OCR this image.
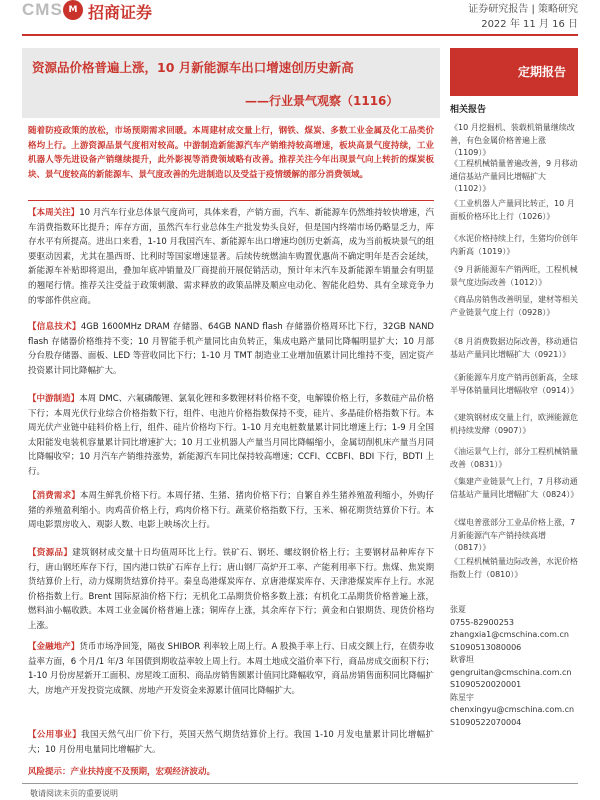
CMS M 招商证券	证券研究报告 | 策略研究
2022 年 11 月 16 日
资源品价格普遍上涨，10 月新能源车出口增速创历史新高
——行业景气观察（1116）
定期报告
随着防疫政策的放松，市场预期需求回暖。本周建材成交量上行，钢铁、煤炭、多数工业金属及化工品类价格均上行。上游资源品景气度相对较高。中游制造新能源汽车产销维持较高增速，板块高景气度持续，工业机器人等先进设备产销继续提升，此外影视等消费领域略有改善。推荐关注今年出现景气向上转折的煤炭板块、景气度较高的新能源车、景气度改善的先进制造以及受益于疫情缓解的部分消费领域。
【本周关注】10 月汽车行业总体景气度尚可，具体来看，产销方面，汽车、新能源车仍然维持较快增速，汽车消费指数环比提升；库存方面，虽然汽车行业总体生产批发势头良好，但是国内终端市场仍略显乏力，库存水平有所提高。进出口来看，1-10 月我国汽车、新能源车出口增速均创历史新高，成为当前板块景气的组要驱动因素，尤其在墨西哥、比利时等国家增速显著。后续传统燃油车购置优惠尚不确定明年是否会延续，新能源车补贴即将退出，叠加年底冲销量及厂商提前开展促销活动，预计年末汽车及新能源车销量会有明显的翘尾行情。推荐关注受益于政策刺激、需求释放的政策品牌及顺应电动化、智能化趋势、具有全球竞争力的零部件供应商。
【信息技术】4GB 1600MHz DRAM 存储器、64GB NAND flash 存储器价格周环比下行，32GB NAND flash 存储器价格维持不变；10 月智能手机产量同比由负转正，集成电路产量同比降幅明显扩大；10 月部分台股存储器、面板、LED 等营收同比下行；1-10 月 TMT 制造业工业增加值累计同比维持不变，固定资产投资累计同比降幅扩大。
【中游制造】本周 DMC、六氟磷酸锂、氯氧化锂和多数锂材料价格不变，电解镍价格上行，多数硅产品价格下行；本周光伏行业综合价格指数下行，组件、电池片价格指数保持不变，硅片、多晶硅价格指数下行。本周光伏产业链中硅料价格上行，组件、硅片价格均下行。1-10 月充电桩数量累计同比增速上行；1-9 月全国太阳能发电装机容量累计同比增速扩大；10 月工业机器人产量当月同比降幅缩小，金属切削机床产量当月同比降幅收窄；10 月汽车产销维持涨势，新能源汽车同比保持较高增速；CCFI、CCBFI、BDI 下行，BDTI 上行。
【消费需求】本周生鲜乳价格下行。本周仔猪、生猪、猪肉价格下行；自繁自养生猪养殖盈利缩小，外购仔猪的养殖盈利缩小。肉鸡苗价格上行，鸡肉价格下行。蔬菜价格指数下行，玉米、棉花期货结算价下行。本周电影票房收入、观影人数、电影上映场次上行。
【资源品】建筑钢材成交量十日均值周环比上行。铁矿石、钢坯、螺纹钢价格上行；主要钢材品种库存下行，唐山钢坯库存下行，国内港口铁矿石库存上行；唐山钢厂高炉开工率、产能利用率下行。焦煤、焦炭期货结算价上行，动力煤期货结算价持平。秦皇岛港煤炭库存、京唐港煤炭库存、天津港煤炭库存上行。水泥价格指数上行。Brent 国际原油价格下行；无机化工品期货价格多数上涨；有机化工品期货价格普遍上涨，燃料油小幅收跌。本周工业金属价格普遍上涨；铜库存上涨，其余库存下行；黄金和白银期货、现货价格均上涨。
【金融地产】货币市场净回笼，隔夜 SHIBOR 利率较上周上行。A 股换手率上行、日成交额上行，在债券收益率方面，6 个月/1 年/3 年国债到期收益率较上周上行。本周土地成交溢价率下行，商品房成交面积下行；1-10 月份房屋新开工面积、房屋竣工面积、商品房销售额累计值同比降幅收窄，商品房销售面积同比降幅扩大，房地产开发投资完成额、房地产开发资金来源累计值同比降幅扩大。
【公用事业】我国天然气出厂价下行，英国天然气期货结算价上行。我国 1-10 月发电量累计同比增幅扩大；10 月份用电量同比增幅扩大。
风险提示：产业扶持度不及预期，宏观经济波动。
相关报告
《10 月挖掘机、装载机销量继续改善，有色金属价格普遍上涨（1109）》
《工程机械销量普遍改善，9 月移动通信基站产量同比增幅扩大（1102）》
《工业机器人产量同比转正，10 月面板价格环比上行（1026）》
《水泥价格持续上行，生猪均价创年内新高（1019）》
《9 月新能源车产销两旺，工程机械景气度边际改善（1012）》
《商品房销售改善明显，建材等相关产业链景气度上行（0928）》
《8 月消费数据边际改善，移动通信基站产量同比增幅扩大（0921）》
《新能源车月度产销再创新高，全球半导体销量同比增幅收窄（0914）》
《建筑钢材成交量上行，欧洲能源危机持续发酵（0907）》
《油运景气上行，部分工程机械销量改善（0831）》
《集建产业链景气上行，7 月移动通信基站产量同比增幅扩大（0824）》
《煤电普涨部分工业品价格上涨，7 月新能源汽车产销持续高增（0817）》
《工程机械销量边际改善，水泥价格指数上行（0810）》
张夏
0755-82900253
zhangxia1@cmschina.com.cn
S1090513080006
耿睿坦
gengruitan@cmschina.com.cn
S1090520020001
陈星宇
chenxingyu@cmschina.com.cn
S1090522070004
敬请阅读末页的重要说明
